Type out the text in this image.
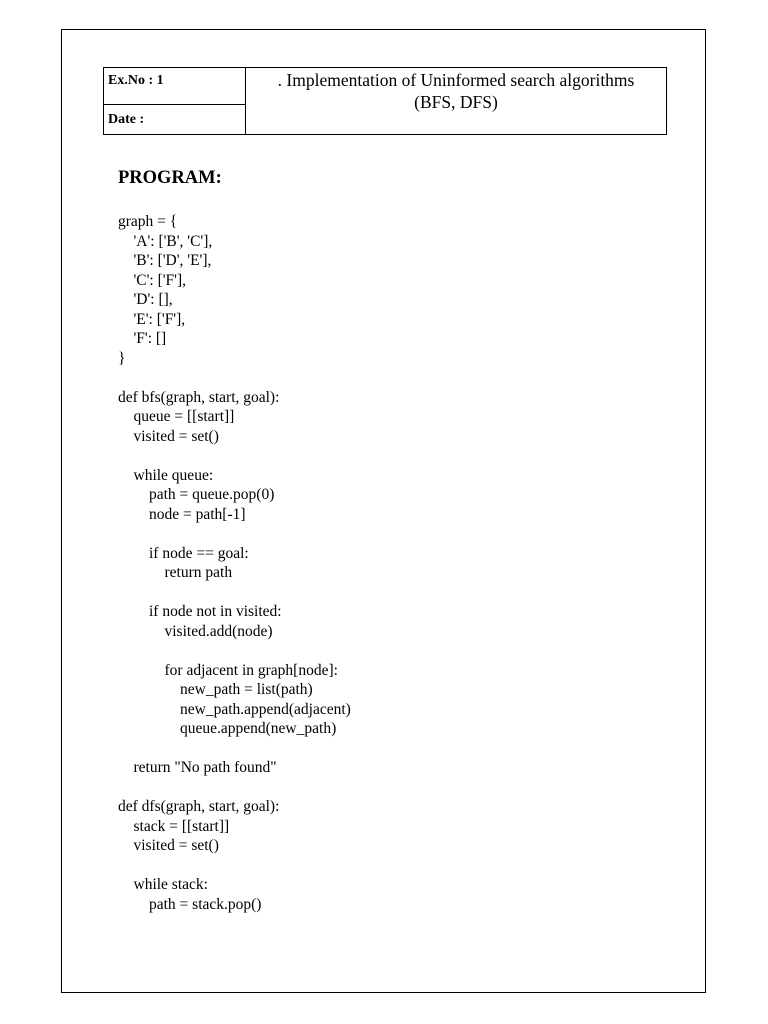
Ex.No : 1
Date :
. Implementation of Uninformed search algorithms
(BFS, DFS)
PROGRAM:
graph = {
'A': ['B', 'C'],
'B': ['D', 'E'],
'C': ['F'],
'D': [],
'E': ['F'],
'F': []
}
def bfs(graph, start, goal):
queue = [[start]]
visited = set()
while queue:
path = queue.pop(0)
node = path[-1]
if node == goal:
return path
if node not in visited:
visited.add(node)
for adjacent in graph[node]:
new_path = list(path)
new_path.append(adjacent)
queue.append(new_path)
return "No path found"
def dfs(graph, start, goal):
stack = [[start]]
visited = set()
while stack:
path = stack.pop()
